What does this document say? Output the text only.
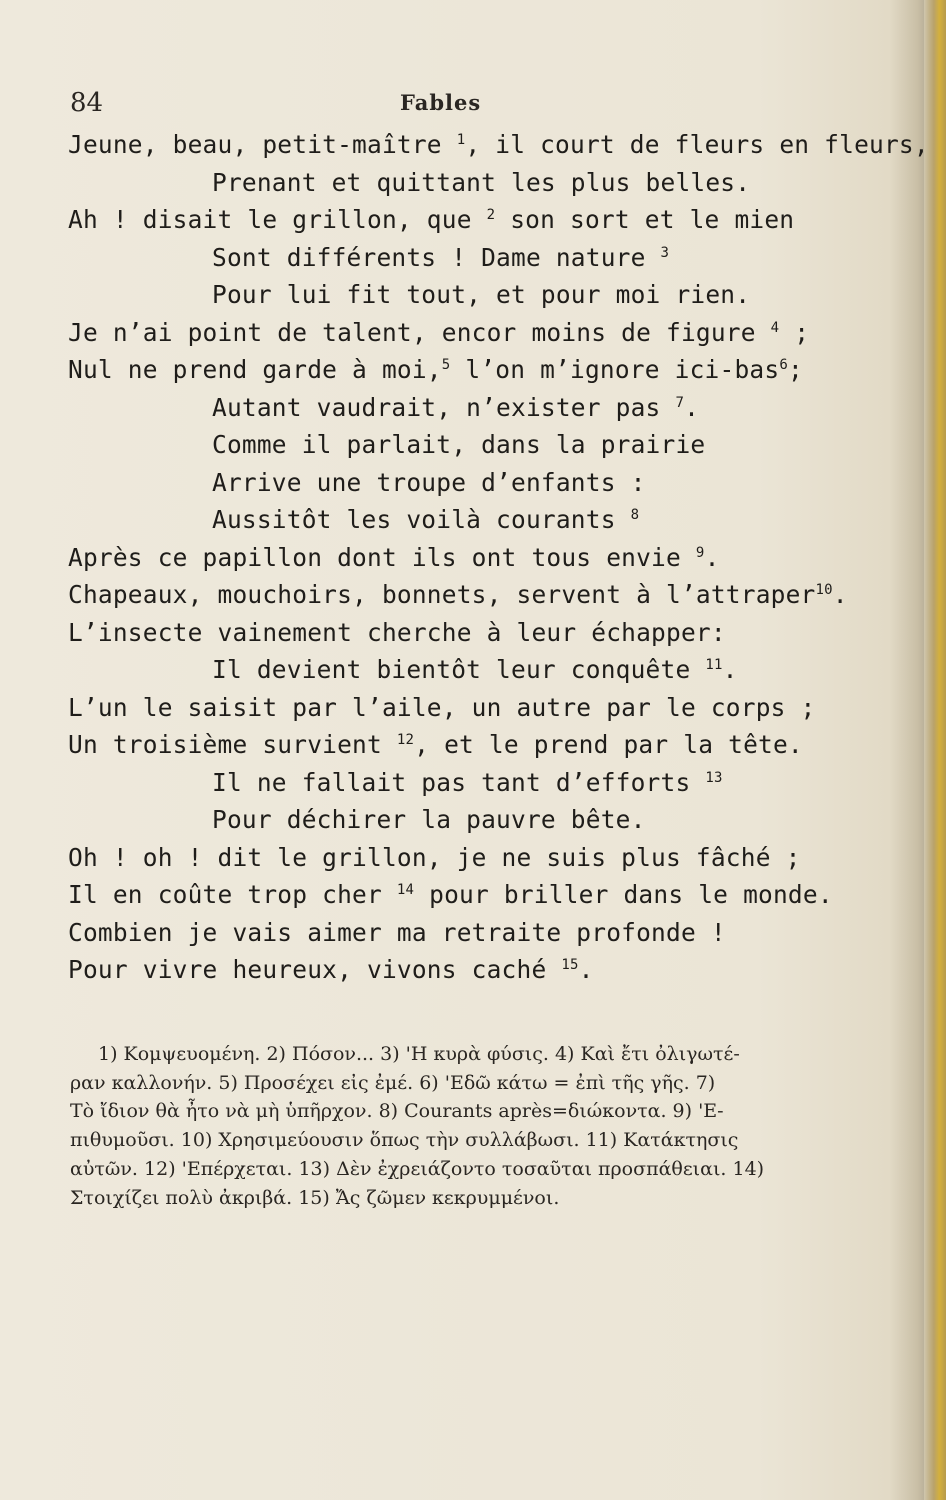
84	Fables
Jeune, beau, petit-maître $^1$, il court de fleurs en fleurs,
Prenant et quittant les plus belles.
Ah ! disait le grillon, que $^2$ son sort et le mien
Sont différents ! Dame nature $^3$
Pour lui fit tout, et pour moi rien.
Je n’ai point de talent, encor moins de figure $^4$ ;
Nul ne prend garde à moi,$^5$ l’on m’ignore ici-bas$^6$;
Autant vaudrait, n’exister pas $^7$.
Comme il parlait, dans la prairie
Arrive une troupe d’enfants :
Aussitôt les voilà courants $^8$
Après ce papillon dont ils ont tous envie $^9$.
Chapeaux, mouchoirs, bonnets, servent à l’attraper$^{10}$.
L’insecte vainement cherche à leur échapper:
Il devient bientôt leur conquête $^{11}$.
L’un le saisit par l’aile, un autre par le corps ;
Un troisième survient $^{12}$, et le prend par la tête.
Il ne fallait pas tant d’efforts $^{13}$
Pour déchirer la pauvre bête.
Oh ! oh ! dit le grillon, je ne suis plus fâché ;
Il en coûte trop cher $^{14}$ pour briller dans le monde.
Combien je vais aimer ma retraite profonde !
Pour vivre heureux, vivons caché $^{15}$.
1) Κομψευομένη. 2) Πόσον... 3) 'Η κυρὰ φύσις. 4) Καὶ ἔτι ὀλιγωτέ-
ραν καλλονήν. 5) Προσέχει εἰς ἐμέ. 6) 'Εδῶ κάτω = ἐπὶ τῆς γῆς. 7)
Τὸ ἴδιον θὰ ἦτο νὰ μὴ ὑπῆρχον. 8) Courants après=διώκοντα. 9) 'Ε-
πιθυμοῦσι. 10) Χρησιμεύουσιν ὅπως τὴν συλλάβωσι. 11) Κατάκτησις
αὐτῶν. 12) 'Επέρχεται. 13) Δὲν ἐχρειάζοντο τοσαῦται προσπάθειαι. 14)
Στοιχίζει πολὺ ἀκριβά. 15) Ἄς ζῶμεν κεκρυμμένοι.
